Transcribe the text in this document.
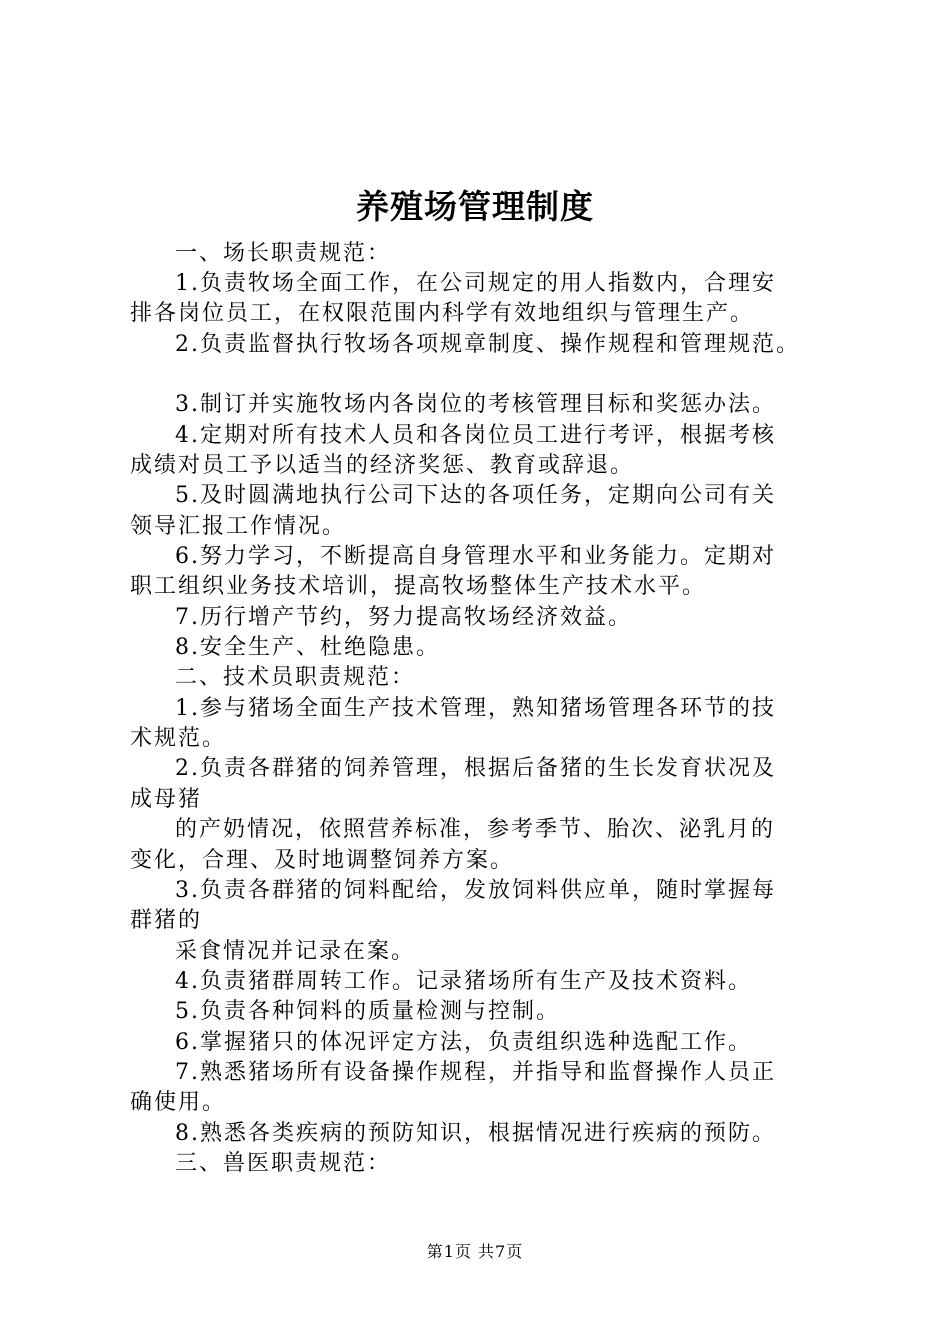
养殖场管理制度
一、场长职责规范：
1.负责牧场全面工作，在公司规定的用人指数内，合理安
排各岗位员工，在权限范围内科学有效地组织与管理生产。
2.负责监督执行牧场各项规章制度、操作规程和管理规范。
3.制订并实施牧场内各岗位的考核管理目标和奖惩办法。
4.定期对所有技术人员和各岗位员工进行考评，根据考核
成绩对员工予以适当的经济奖惩、教育或辞退。
5.及时圆满地执行公司下达的各项任务，定期向公司有关
领导汇报工作情况。
6.努力学习，不断提高自身管理水平和业务能力。定期对
职工组织业务技术培训，提高牧场整体生产技术水平。
7.历行增产节约，努力提高牧场经济效益。
8.安全生产、杜绝隐患。
二、技术员职责规范：
1.参与猪场全面生产技术管理，熟知猪场管理各环节的技
术规范。
2.负责各群猪的饲养管理，根据后备猪的生长发育状况及
成母猪
的产奶情况，依照营养标准，参考季节、胎次、泌乳月的
变化，合理、及时地调整饲养方案。
3.负责各群猪的饲料配给，发放饲料供应单，随时掌握每
群猪的
采食情况并记录在案。
4.负责猪群周转工作。记录猪场所有生产及技术资料。
5.负责各种饲料的质量检测与控制。
6.掌握猪只的体况评定方法，负责组织选种选配工作。
7.熟悉猪场所有设备操作规程，并指导和监督操作人员正
确使用。
8.熟悉各类疾病的预防知识，根据情况进行疾病的预防。
三、兽医职责规范：
第1页 共7页
